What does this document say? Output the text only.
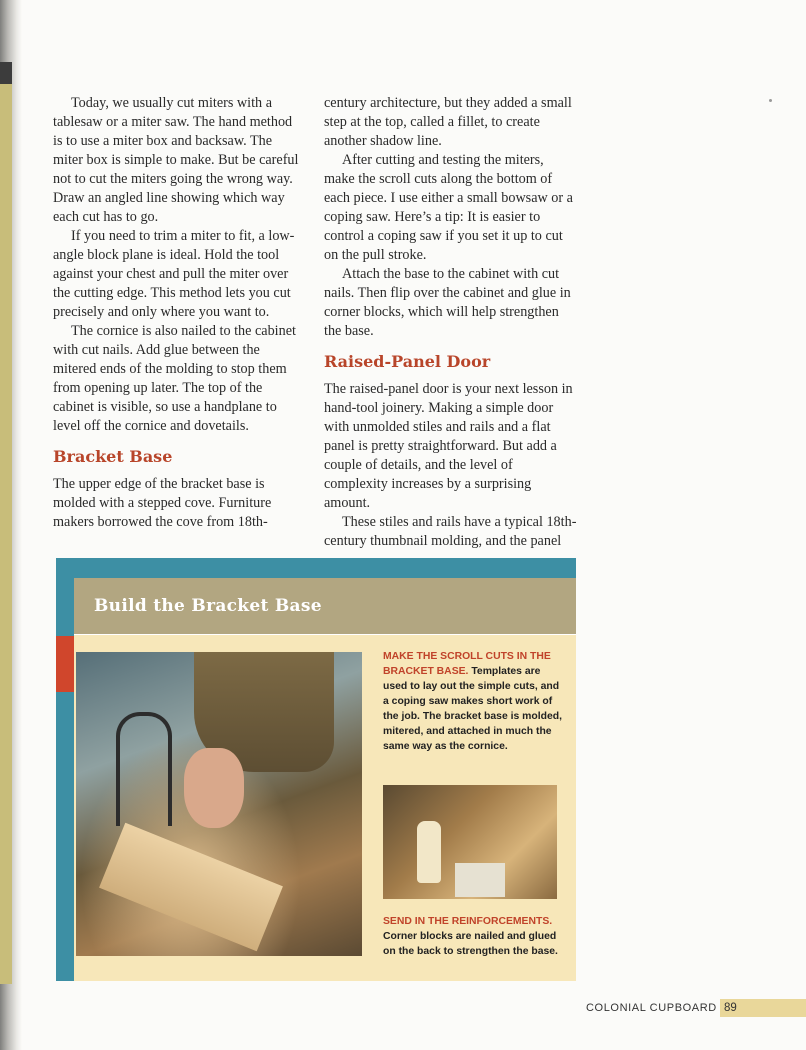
Today, we usually cut miters with a tablesaw or a miter saw. The hand method is to use a miter box and backsaw. The miter box is simple to make. But be careful not to cut the miters going the wrong way. Draw an angled line showing which way each cut has to go.

If you need to trim a miter to fit, a low-angle block plane is ideal. Hold the tool against your chest and pull the miter over the cutting edge. This method lets you cut precisely and only where you want to.

The cornice is also nailed to the cabinet with cut nails. Add glue between the mitered ends of the molding to stop them from opening up later. The top of the cabinet is visible, so use a handplane to level off the cornice and dovetails.

Bracket Base

The upper edge of the bracket base is molded with a stepped cove. Furniture makers borrowed the cove from 18th-

century architecture, but they added a small step at the top, called a fillet, to create another shadow line.

After cutting and testing the miters, make the scroll cuts along the bottom of each piece. I use either a small bowsaw or a coping saw. Here’s a tip: It is easier to control a coping saw if you set it up to cut on the pull stroke.

Attach the base to the cabinet with cut nails. Then flip over the cabinet and glue in corner blocks, which will help strengthen the base.

Raised-Panel Door

The raised-panel door is your next lesson in hand-tool joinery. Making a simple door with unmolded stiles and rails and a flat panel is pretty straightforward. But add a couple of details, and the level of complexity increases by a surprising amount.

These stiles and rails have a typical 18th-century thumbnail molding, and the panel

Build the Bracket Base
MAKE THE SCROLL CUTS IN THE BRACKET BASE. Templates are used to lay out the simple cuts, and a coping saw makes short work of the job. The bracket base is molded, mitered, and attached in much the same way as the cornice.
SEND IN THE REINFORCEMENTS. Corner blocks are nailed and glued on the back to strengthen the base.
COLONIAL CUPBOARD 89
